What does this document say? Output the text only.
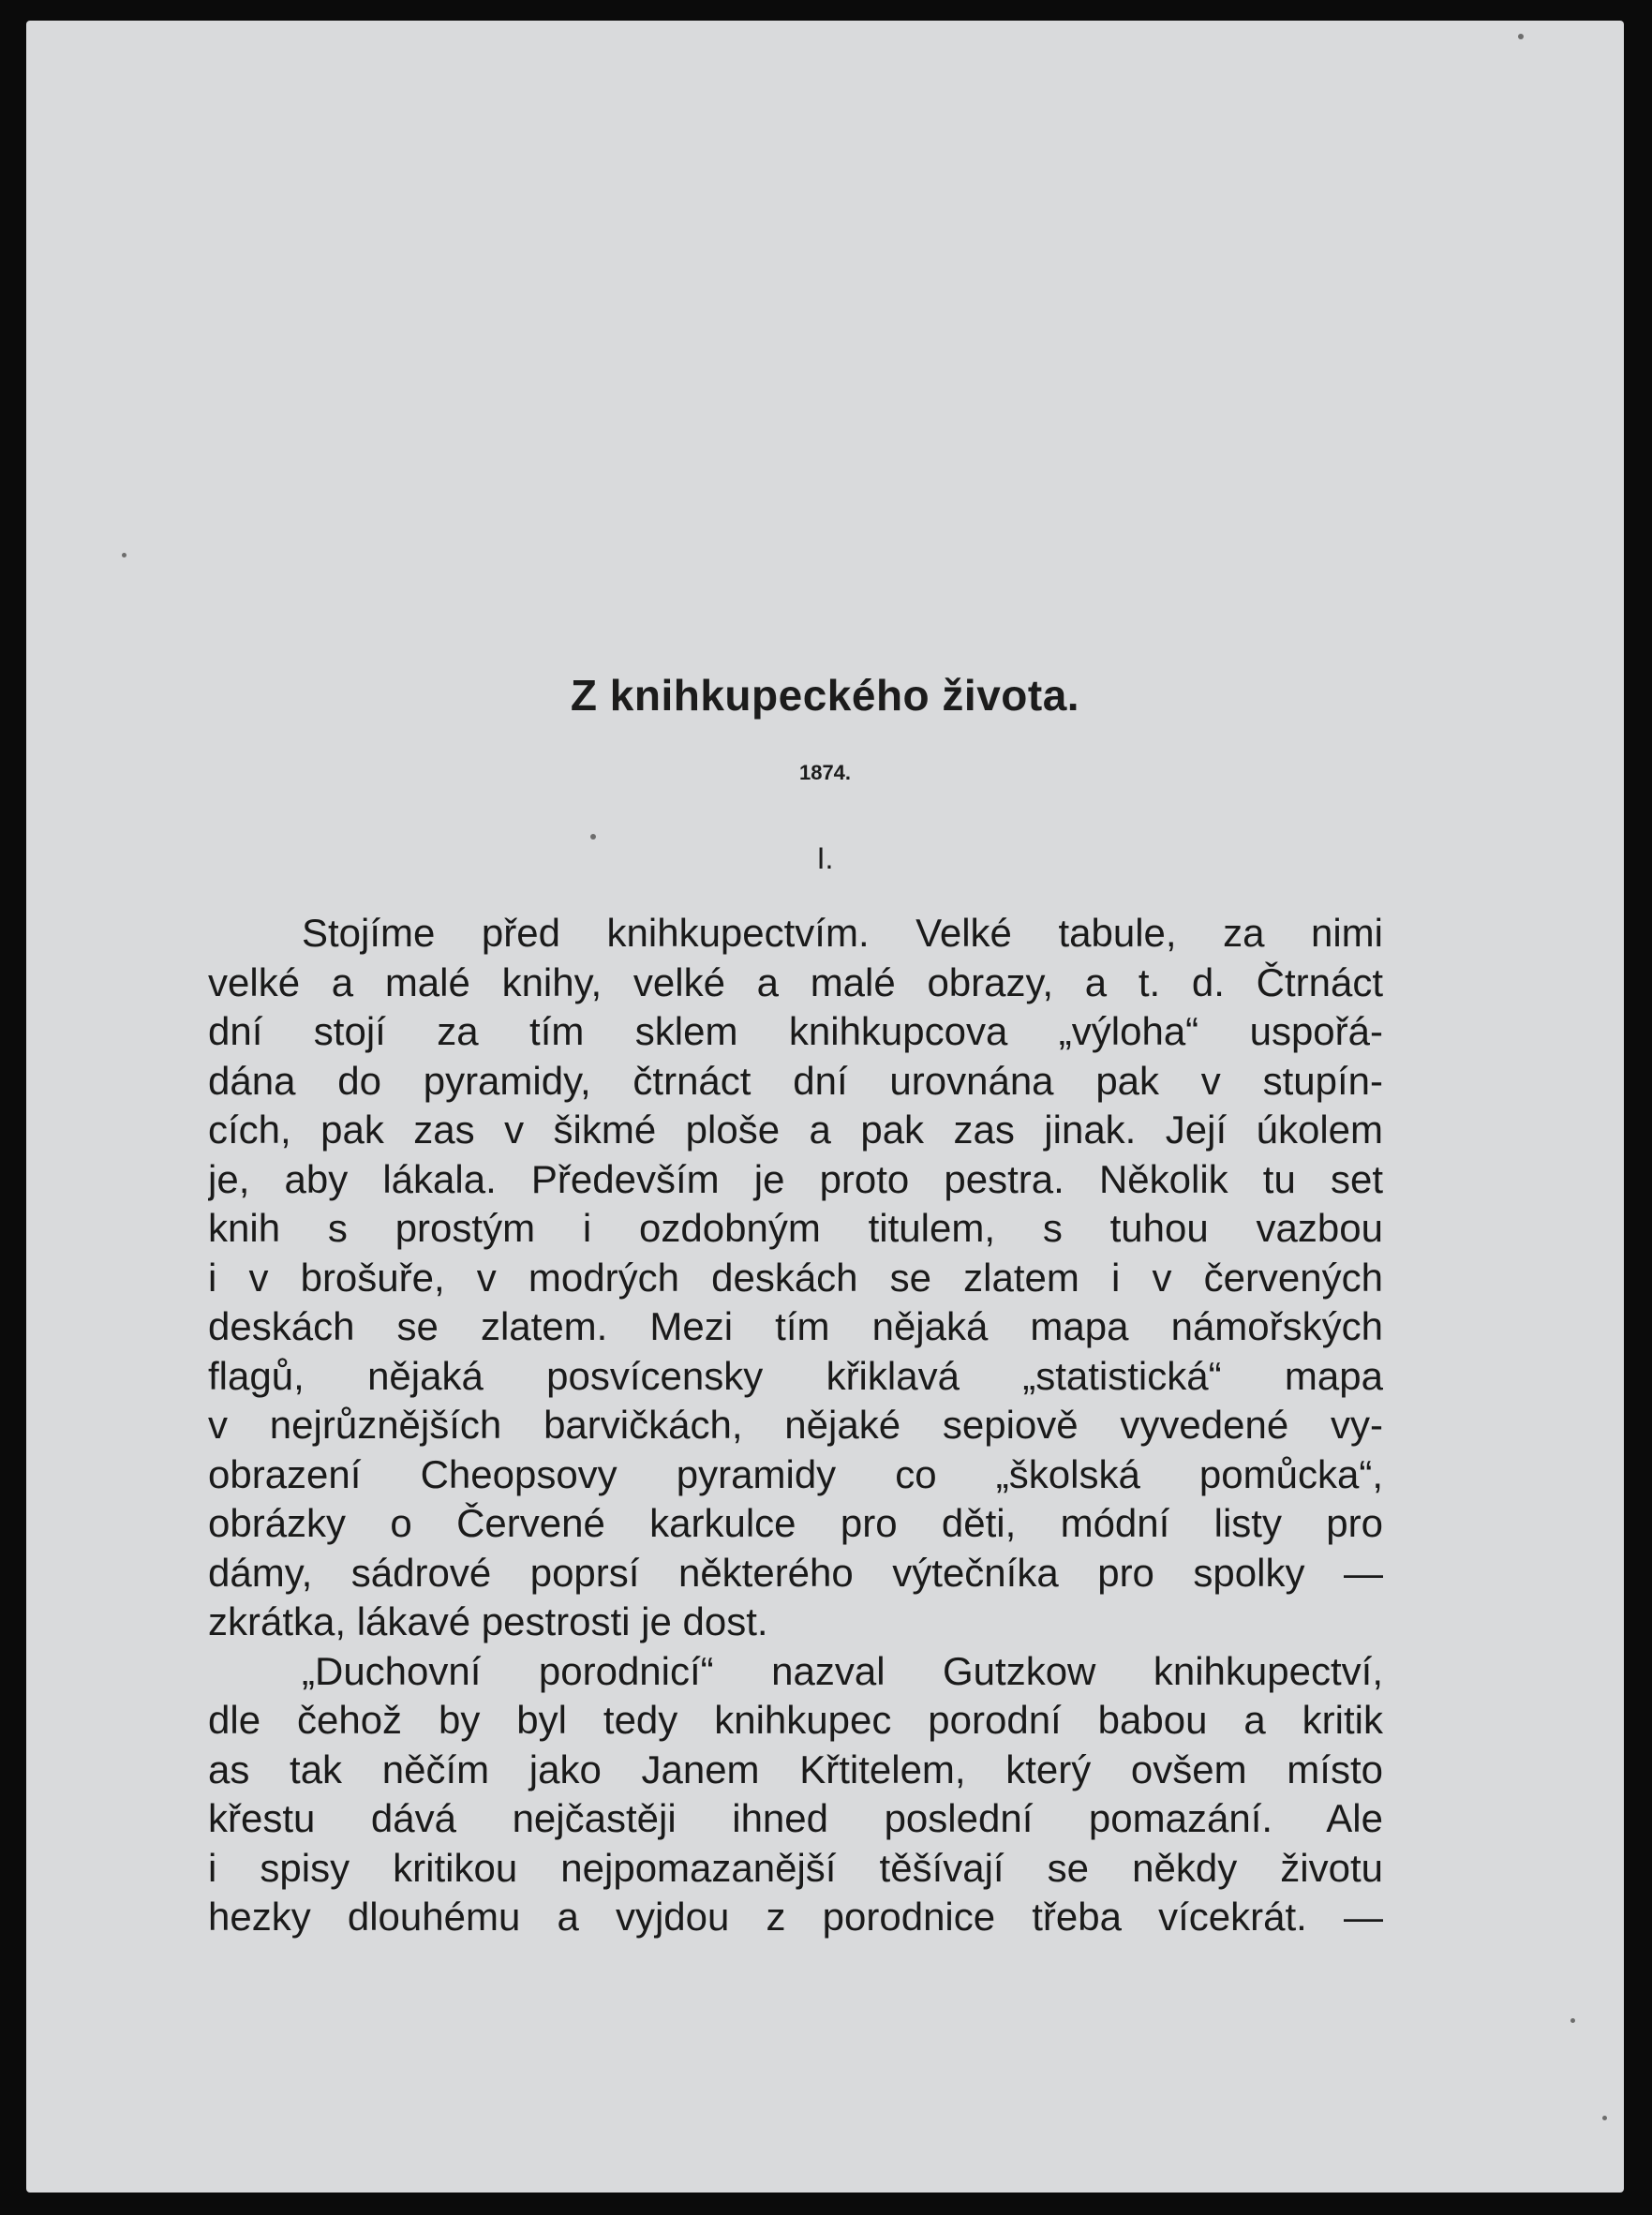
Z knihkupeckého života.
1874.
I.
Stojíme před knihkupectvím. Velké tabule, za nimi
velké a malé knihy, velké a malé obrazy, a t. d. Čtrnáct
dní stojí za tím sklem knihkupcova „výloha“ uspořá-
dána do pyramidy, čtrnáct dní urovnána pak v stupín-
cích, pak zas v šikmé ploše a pak zas jinak. Její úkolem
je, aby lákala. Především je proto pestra. Několik tu set
knih s prostým i ozdobným titulem, s tuhou vazbou
i v brošuře, v modrých deskách se zlatem i v červených
deskách se zlatem. Mezi tím nějaká mapa námořských
flagů, nějaká posvícensky křiklavá „statistická“ mapa
v nejrůznějších barvičkách, nějaké sepiově vyvedené vy-
obrazení Cheopsovy pyramidy co „školská pomůcka“,
obrázky o Červené karkulce pro děti, módní listy pro
dámy, sádrové poprsí některého výtečníka pro spolky —
zkrátka, lákavé pestrosti je dost.
„Duchovní porodnicí“ nazval Gutzkow knihkupectví,
dle čehož by byl tedy knihkupec porodní babou a kritik
as tak něčím jako Janem Křtitelem, který ovšem místo
křestu dává nejčastěji ihned poslední pomazání. Ale
i spisy kritikou nejpomazanější těšívají se někdy životu
hezky dlouhému a vyjdou z porodnice třeba vícekrát. —
